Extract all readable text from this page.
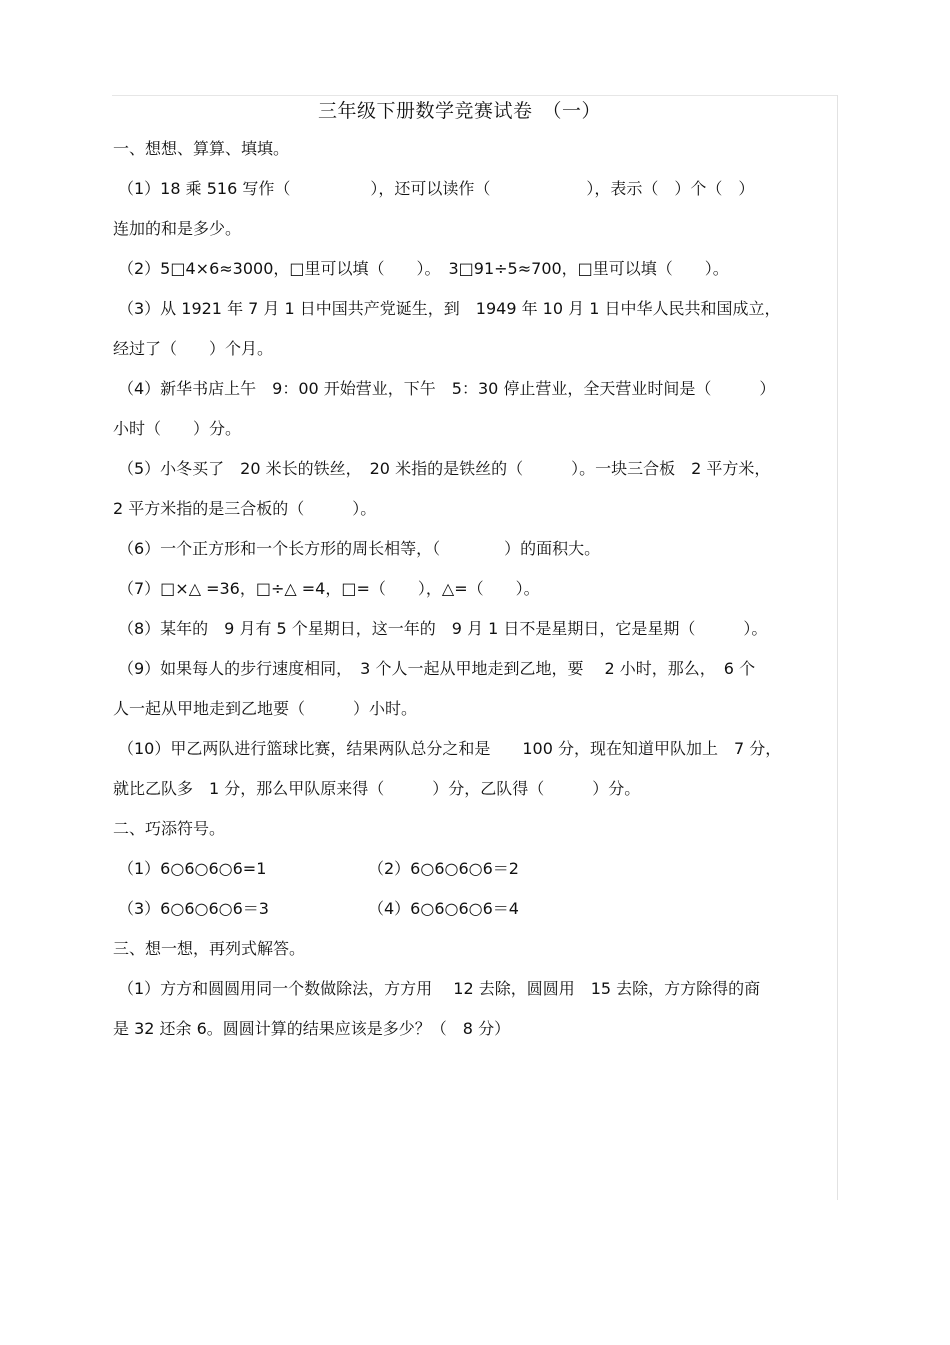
三年级下册数学竞赛试卷　（一）
一、想想、算算、填填。
（1）18 乘 516 写作（　　　　　），还可以读作（　　　　　　），表示（　）个（　）
连加的和是多少。
（2）5□4×6≈3000，□里可以填（　　）。　3□91÷5≈700，□里可以填（　　）。
（3）从 1921 年 7 月 1 日中国共产党诞生，到　1949 年 10 月 1 日中华人民共和国成立，
经过了（　　）个月。
（4）新华书店上午　9：00 开始营业，下午　5：30 停止营业，全天营业时间是（　　　）
小时（　　）分。
（5）小冬买了　20 米长的铁丝，　20 米指的是铁丝的（　　　）。一块三合板　2 平方米，
2 平方米指的是三合板的（　　　）。
（6）一个正方形和一个长方形的周长相等，（　　　　）的面积大。
（7）□×△ =36，□÷△ =4，□=（　　），△=（　　）。
（8）某年的　9 月有 5 个星期日，这一年的　9 月 1 日不是星期日，它是星期（　　　）。
（9）如果每人的步行速度相同，　3 个人一起从甲地走到乙地，要　 2 小时，那么，　6 个
人一起从甲地走到乙地要（　　　）小时。
（10）甲乙两队进行篮球比赛，结果两队总分之和是　　100 分，现在知道甲队加上　7 分，
就比乙队多　1 分，那么甲队原来得（　　　）分，乙队得（　　　）分。
二、巧添符号。
（1）6○6○6○6=1	（2）6○6○6○6＝2
（3）6○6○6○6＝3	（4）6○6○6○6＝4
三、想一想，再列式解答。
（1）方方和圆圆用同一个数做除法，方方用　 12 去除，圆圆用　15 去除，方方除得的商
是 32 还余 6。圆圆计算的结果应该是多少？（　8 分）
